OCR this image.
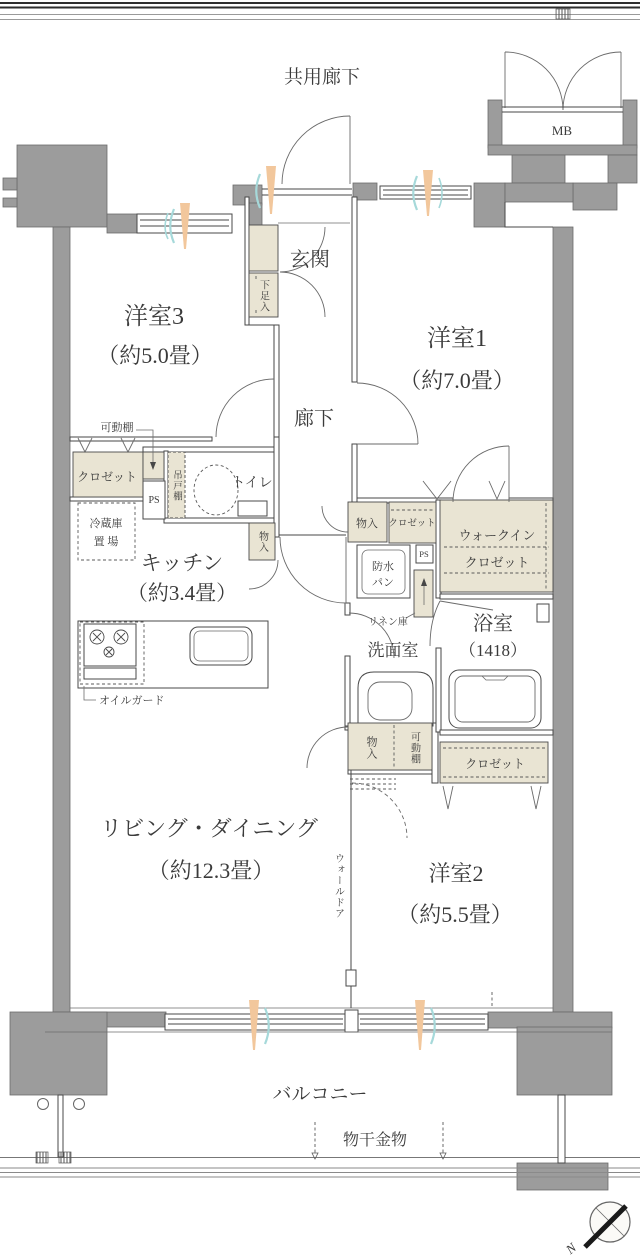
共用廊下
MB
玄関
下足入
洋室3
（約5.0畳）
廊下
洋室1
（約7.0畳）
クロゼット
可動棚
PS 吊戸棚	トイレ
冷蔵庫
置 場
キッチン
（約3.4畳）
物入
オイルガード
物入 クロゼット
ウォークイン
クロゼット
防水
パン
PS
リネン庫
洗面室
浴室
（1418）
物入	可動棚	クロゼット
リビング・ダイニング
（約12.3畳）	ウォールドア	洋室2
（約5.5畳）
バルコニー
物干金物
N
